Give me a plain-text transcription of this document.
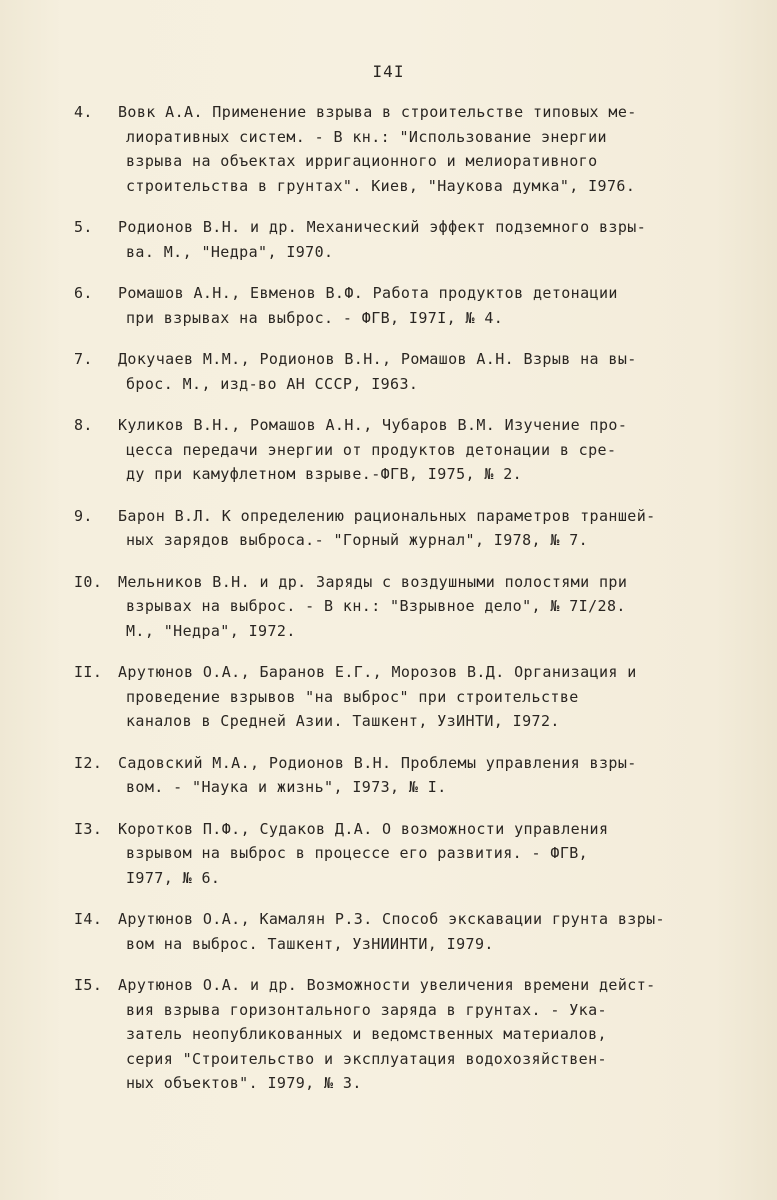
I4I
4. Вовк А.А. Применение взрыва в строительстве типовых ме-
лиоративных систем. - В кн.: "Использование энергии
взрыва на объектах ирригационного и мелиоративного
строительства в грунтах". Киев, "Наукова думка", I976.
5. Родионов В.Н. и др. Механический эффект подземного взры-
ва. М., "Недра", I970.
6. Ромашов А.Н., Евменов В.Ф. Работа продуктов детонации
при взрывах на выброс. - ФГВ, I97I, № 4.
7. Докучаев М.М., Родионов В.Н., Ромашов А.Н. Взрыв на вы-
брос. М., изд-во АН СССР, I963.
8. Куликов В.Н., Ромашов А.Н., Чубаров В.М. Изучение про-
цесса передачи энергии от продуктов детонации в сре-
ду при камуфлетном взрыве.-ФГВ, I975, № 2.
9. Барон В.Л. К определению рациональных параметров траншей-
ных зарядов выброса.- "Горный журнал", I978, № 7.
I0. Мельников В.Н. и др. Заряды с воздушными полостями при
взрывах на выброс. - В кн.: "Взрывное дело", № 7I/28.
М., "Недра", I972.
II. Арутюнов О.А., Баранов Е.Г., Морозов В.Д. Организация и
проведение взрывов "на выброс" при строительстве
каналов в Средней Азии. Ташкент, УзИНТИ, I972.
I2. Садовский М.А., Родионов В.Н. Проблемы управления взры-
вом. - "Наука и жизнь", I973, № I.
I3. Коротков П.Ф., Судаков Д.А. О возможности управления
взрывом на выброс в процессе его развития. - ФГВ,
I977, № 6.
I4. Арутюнов О.А., Камалян Р.З. Способ экскавации грунта взры-
вом на выброс. Ташкент, УзНИИНТИ, I979.
I5. Арутюнов О.А. и др. Возможности увеличения времени дейст-
вия взрыва горизонтального заряда в грунтах. - Ука-
затель неопубликованных и ведомственных материалов,
серия "Строительство и эксплуатация водохозяйствен-
ных объектов". I979, № 3.
